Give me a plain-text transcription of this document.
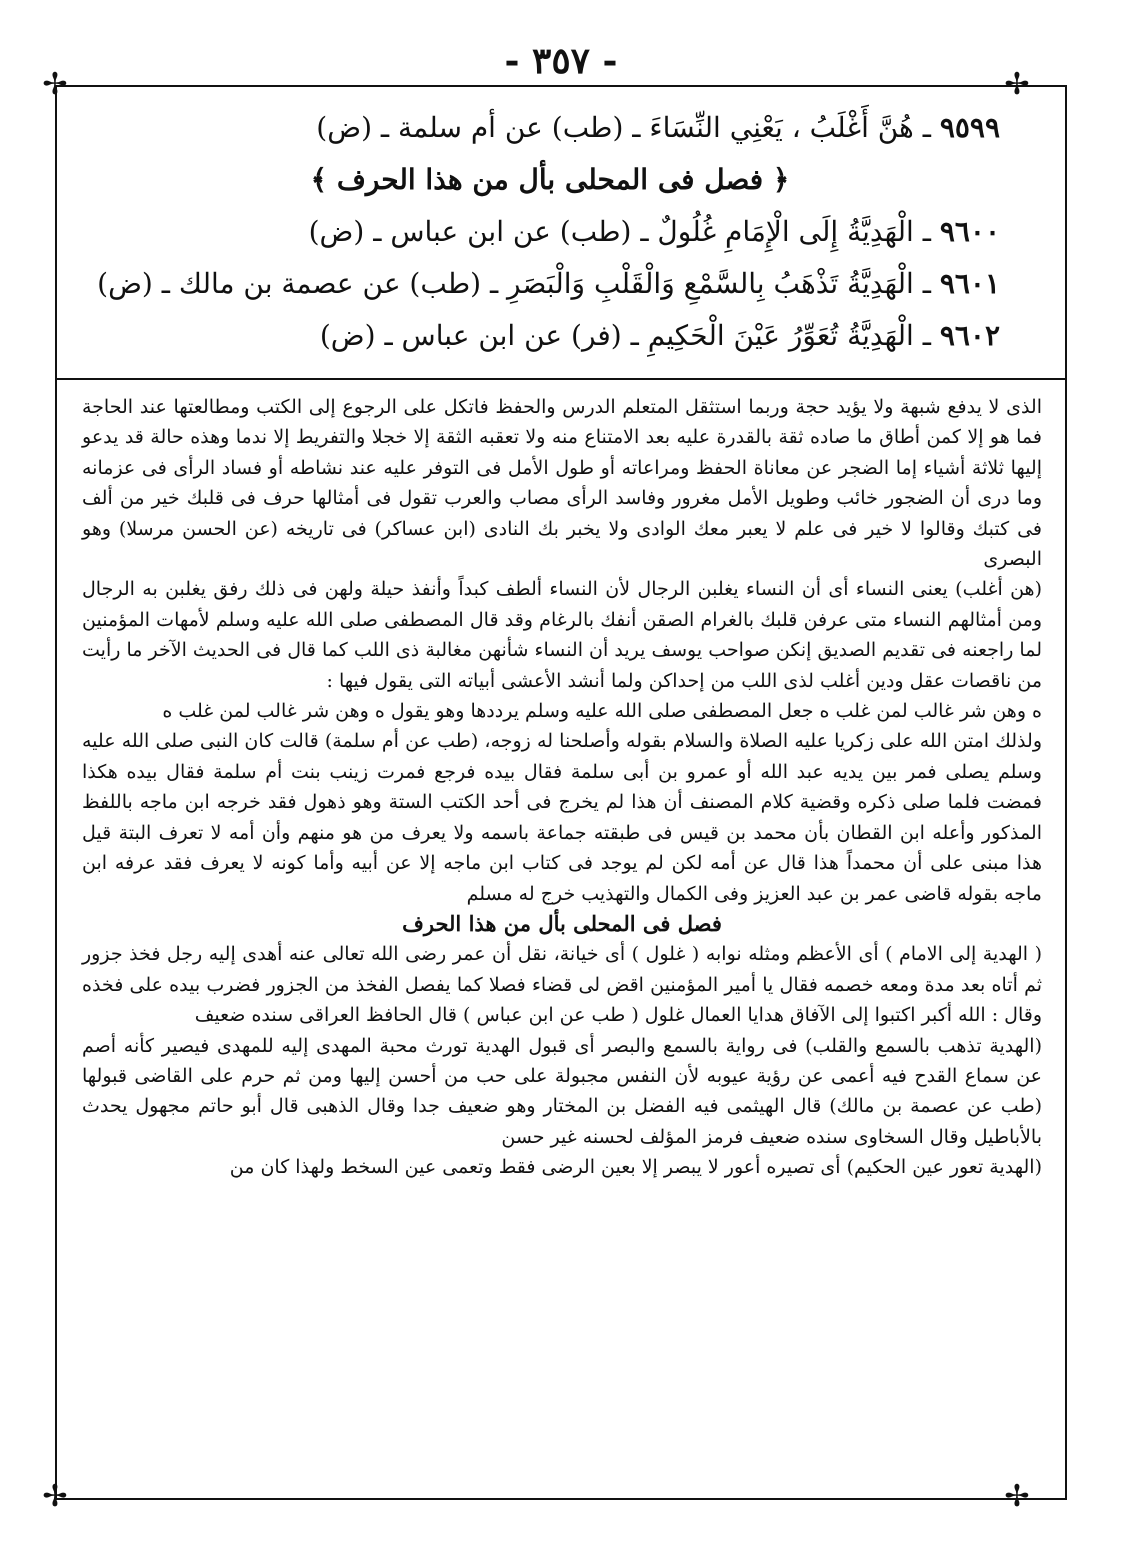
- ٣٥٧ -
✢	✢
✢	✢
٩٥٩٩ ـ هُنَّ أَغْلَبُ ، يَعْنِي النِّسَاءَ ـ (طب) عن أم سلمة ـ (ض)
﴿ فصل فى المحلى بأل من هذا الحرف ﴾
٩٦٠٠ ـ الْهَدِيَّةُ إِلَى الْإِمَامِ غُلُولٌ ـ (طب) عن ابن عباس ـ (ض)
٩٦٠١ ـ الْهَدِيَّةُ تَذْهَبُ بِالسَّمْعِ وَالْقَلْبِ وَالْبَصَرِ ـ (طب) عن عصمة بن مالك ـ (ض)
٩٦٠٢ ـ الْهَدِيَّةُ تُعَوِّرُ عَيْنَ الْحَكِيمِ ـ (فر) عن ابن عباس ـ (ض)

الذى لا يدفع شبهة ولا يؤيد حجة وربما استثقل المتعلم الدرس والحفظ فاتكل على الرجوع إلى الكتب ومطالعتها عند الحاجة فما هو إلا كمن أطاق ما صاده ثقة بالقدرة عليه بعد الامتناع منه ولا تعقبه الثقة إلا خجلا والتفريط إلا ندما وهذه حالة قد يدعو إليها ثلاثة أشياء إما الضجر عن معاناة الحفظ ومراعاته أو طول الأمل فى التوفر عليه عند نشاطه أو فساد الرأى فى عزمانه وما درى أن الضجور خائب وطويل الأمل مغرور وفاسد الرأى مصاب والعرب تقول فى أمثالها حرف فى قلبك خير من ألف فى كتبك وقالوا لا خير فى علم لا يعبر معك الوادى ولا يخبر بك النادى (ابن عساكر) فى تاريخه (عن الحسن مرسلا) وهو البصرى

(هن أغلب) يعنى النساء أى أن النساء يغلبن الرجال لأن النساء ألطف كبداً وأنفذ حيلة ولهن فى ذلك رفق يغلبن به الرجال ومن أمثالهم النساء متى عرفن قلبك بالغرام الصقن أنفك بالرغام وقد قال المصطفى صلى الله عليه وسلم لأمهات المؤمنين لما راجعنه فى تقديم الصديق إنكن صواحب يوسف يريد أن النساء شأنهن مغالبة ذى اللب كما قال فى الحديث الآخر ما رأيت من ناقصات عقل ودين أغلب لذى اللب من إحداكن ولما أنشد الأعشى أبياته التى يقول فيها :

ه وهن شر غالب لمن غلب ه جعل المصطفى صلى الله عليه وسلم يرددها وهو يقول ه وهن شر غالب لمن غلب ه

ولذلك امتن الله على زكريا عليه الصلاة والسلام بقوله وأصلحنا له زوجه، (طب عن أم سلمة) قالت كان النبى صلى الله عليه وسلم يصلى فمر بين يديه عبد الله أو عمرو بن أبى سلمة فقال بيده فرجع فمرت زينب بنت أم سلمة فقال بيده هكذا فمضت فلما صلى ذكره وقضية كلام المصنف أن هذا لم يخرج فى أحد الكتب الستة وهو ذهول فقد خرجه ابن ماجه باللفظ المذكور وأعله ابن القطان بأن محمد بن قيس فى طبقته جماعة باسمه ولا يعرف من هو منهم وأن أمه لا تعرف البتة قيل هذا مبنى على أن محمداً هذا قال عن أمه لكن لم يوجد فى كتاب ابن ماجه إلا عن أبيه وأما كونه لا يعرف فقد عرفه ابن ماجه بقوله قاضى عمر بن عبد العزيز وفى الكمال والتهذيب خرج له مسلم

فصل فى المحلى بأل من هذا الحرف

( الهدية إلى الامام ) أى الأعظم ومثله نوابه ( غلول ) أى خيانة، نقل أن عمر رضى الله تعالى عنه أهدى إليه رجل فخذ جزور ثم أتاه بعد مدة ومعه خصمه فقال يا أمير المؤمنين اقض لى قضاء فصلا كما يفصل الفخذ من الجزور فضرب بيده على فخذه وقال : الله أكبر اكتبوا إلى الآفاق هدايا العمال غلول ( طب عن ابن عباس ) قال الحافظ العراقى سنده ضعيف

(الهدية تذهب بالسمع والقلب) فى رواية بالسمع والبصر أى قبول الهدية تورث محبة المهدى إليه للمهدى فيصير كأنه أصم عن سماع القدح فيه أعمى عن رؤية عيوبه لأن النفس مجبولة على حب من أحسن إليها ومن ثم حرم على القاضى قبولها (طب عن عصمة بن مالك) قال الهيثمى فيه الفضل بن المختار وهو ضعيف جدا وقال الذهبى قال أبو حاتم مجهول يحدث بالأباطيل وقال السخاوى سنده ضعيف فرمز المؤلف لحسنه غير حسن

(الهدية تعور عين الحكيم) أى تصيره أعور لا يبصر إلا بعين الرضى فقط وتعمى عين السخط ولهذا كان من
